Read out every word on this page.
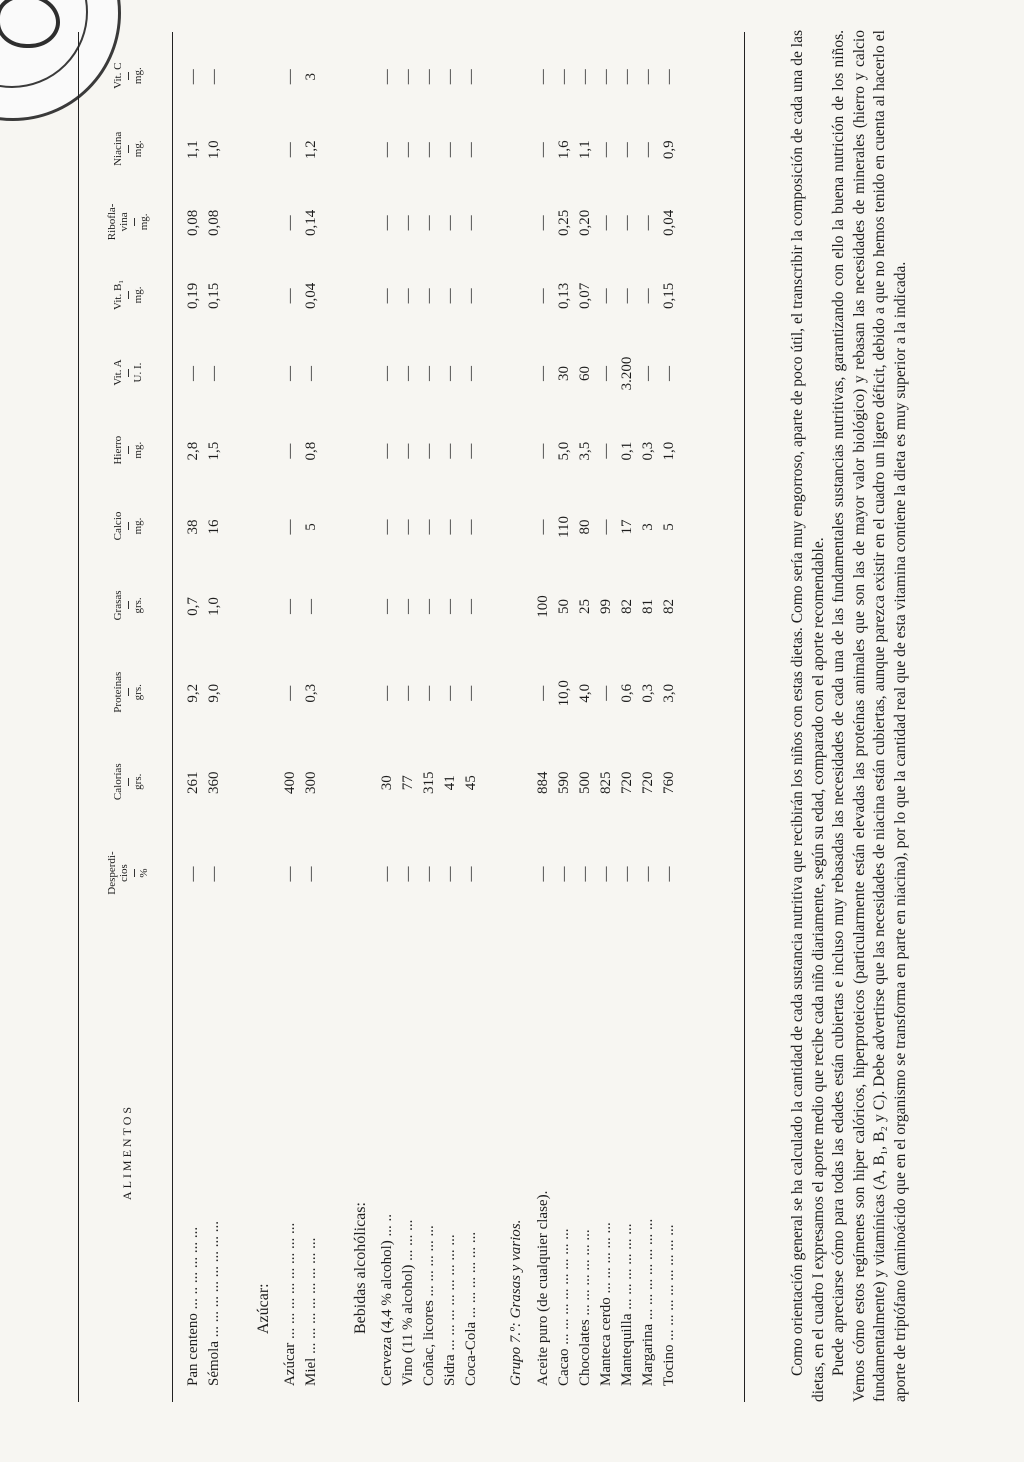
ALIMENTOS
Desperdi- cios %
Calorías grs.
Proteínas grs.
Grasas grs.
Calcio mg.
Hierro mg.
Vit. A U. I.
Vit. B₁ mg.
Ribofla- vina mg.
Niacina mg.
Vit. C mg.
Pan centeno ... .. ... ... ... ...
—
261
9,2
0,7
38
2,8
—
0,19
0,08
1,1
—
Sémola ... ... ... ... ... ... ... ...
—
360
9,0
1,0
16
1,5
—
0,15
0,08
1,0
—
Azúcar: Azúcar ... ... ... ... ... ... ... ...
—
400
—
—
—
—
—
—
—
—
—
Miel ... ... ... ... ... ... ... ...
—
300
0,3
—
5
0,8
—
0,04
0,14
1,2
3
Bebidas alcohólicas: Cerveza (4,4 % alcohol) ... ..
—
30
—
—
—
—
—
—
—
—
—
Vino (11 % alcohol) ... ... ...
—
77
—
—
—
—
—
—
—
—
—
Coñac, licores ... ... ... ... ...
—
315
—
—
—
—
—
—
—
—
—
Sidra ... ... ... ... ... ... ... ...
—
41
—
—
—
—
—
—
—
—
—
Coca-Cola ... ... ... ... ... ...
—
45
—
—
—
—
—
—
—
—
—
Grupo 7.º: Grasas y varios. Aceite puro (de cualquier clase).
—
884
—
100
—
—
—
—
—
—
—
Cacao ... ... ... ... ... ... ... ...
—
590
10,0
50
110
5,0
30
0,13
0,25
1,6
—
Chocolates ... ... ... ... ... ...
—
500
4,0
25
80
3,5
60
0,07
0,20
1,1
—
Manteca cerdo ... ... ... ... ...
—
825
—
99
—
—
—
—
—
—
—
Mantequilla ... ... ... ... ... ...
—
720
0,6
82
17
0,1
3.200
—
—
—
—
Margarina ... ... ... ... ... ... ...
—
720
0,3
81
3
0,3
—
—
—
—
—
Tocino ... ... ... ... ... ... ... ...
—
760
3,0
82
5
1,0
—
0,15
0,04
0,9
—	Como orientación general se ha calculado la cantidad de cada sustancia nutritiva que recibirán los niños con estas dietas. Como sería muy engorroso, aparte de poco útil, el transcribir la composición de cada una de las dietas, en el cuadro I expresamos el aporte medio que recibe cada niño diariamente, según su edad, comparado con el aporte recomendable. Puede apreciarse cómo para todas las edades están cubiertas e incluso muy rebasadas las necesidades de cada una de las fundamentales sustancias nutritivas, garantizando con ello la buena nutrición de los niños. Vemos cómo estos regímenes son hiper calóricos, hiperproteicos (particularmente están elevadas las proteínas animales que son las de mayor valor biológico) y rebasan las necesidades de minerales (hierro y calcio fundamentalmente) y vitamínicas (A, B₁, B₂ y C). Debe advertirse que las necesidades de niacina están cubiertas, aunque parezca existir en el cuadro un ligero déficit, debido a que no hemos tenido en cuenta al hacerlo el aporte de triptófano (aminoácido que en el organismo se transforma en parte en niacina), por lo que la cantidad real que de esta vitamina contiene la dieta es muy superior a la indicada.
